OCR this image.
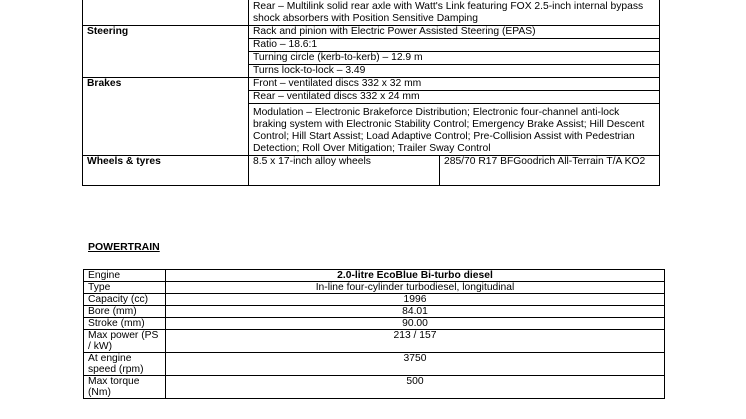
	Rear – Multilink solid rear axle with Watt's Link featuring FOX 2.5-inch internal bypass shock absorbers with Position Sensitive Damping	
Steering	Rack and pinion with Electric Power Assisted Steering (EPAS)	
	Ratio – 18.6:1	
	Turning circle (kerb-to-kerb) – 12.9 m	
	Turns lock-to-lock – 3.49	
Brakes	Front – ventilated discs 332 x 32 mm	
	Rear – ventilated discs 332 x 24 mm	
	Modulation – Electronic Brakeforce Distribution; Electronic four-channel anti-lock braking system with Electronic Stability Control; Emergency Brake Assist; Hill Descent Control; Hill Start Assist; Load Adaptive Control; Pre-Collision Assist with Pedestrian Detection; Roll Over Mitigation; Trailer Sway Control	
Wheels & tyres	8.5 x 17-inch alloy wheels	285/70 R17 BFGoodrich All-Terrain T/A KO2
POWERTRAIN
Engine	2.0-litre EcoBlue Bi-turbo diesel
Type	In-line four-cylinder turbodiesel, longitudinal
Capacity (cc)	1996
Bore (mm)	84.01
Stroke (mm)	90.00
Max power (PS / kW)	213 / 157
At engine speed (rpm)	3750
Max torque (Nm)	500
